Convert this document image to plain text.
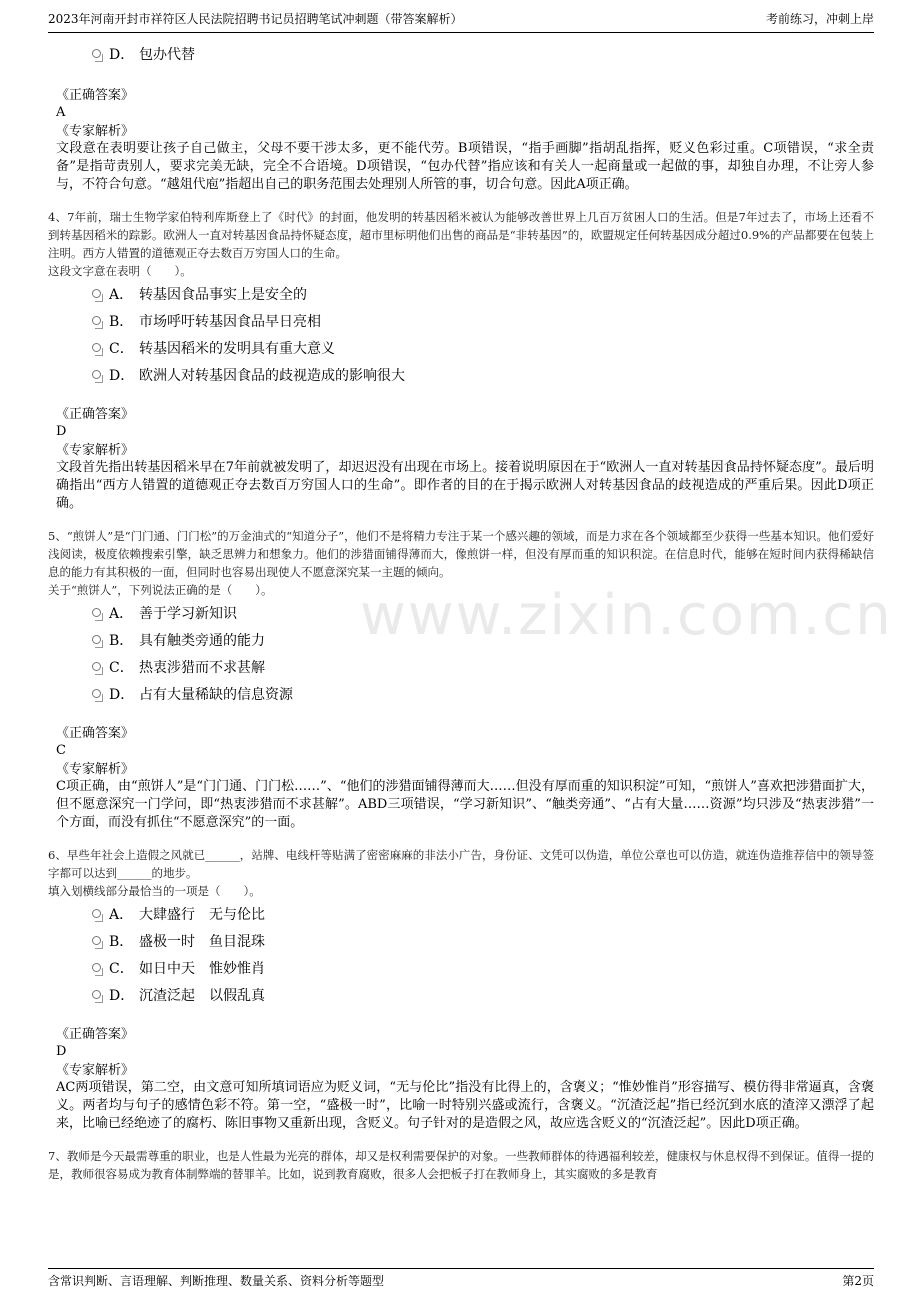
2023年河南开封市祥符区人民法院招聘书记员招聘笔试冲刺题（带答案解析）	考前练习，冲刺上岸
www.zixin.com.cn
D． 包办代替
《正确答案》
A
《专家解析》
文段意在表明要让孩子自己做主，父母不要干涉太多，更不能代劳。B项错误，“指手画脚”指胡乱指挥，贬义色彩过重。C项错误，“求全责备”是指苛责别人，要求完美无缺，完全不合语境。D项错误，“包办代替”指应该和有关人一起商量或一起做的事，却独自办理，不让旁人参与，不符合句意。“越俎代庖”指超出自己的职务范围去处理别人所管的事，切合句意。因此A项正确。
4、7年前，瑞士生物学家伯特利库斯登上了《时代》的封面，他发明的转基因稻米被认为能够改善世界上几百万贫困人口的生活。但是7年过去了，市场上还看不到转基因稻米的踪影。欧洲人一直对转基因食品持怀疑态度，超市里标明他们出售的商品是“非转基因”的，欧盟规定任何转基因成分超过0.9%的产品都要在包装上注明。西方人错置的道德观正夺去数百万穷国人口的生命。
这段文字意在表明（　　）。
A． 转基因食品事实上是安全的
B． 市场呼吁转基因食品早日亮相
C． 转基因稻米的发明具有重大意义
D． 欧洲人对转基因食品的歧视造成的影响很大
《正确答案》
D
《专家解析》
文段首先指出转基因稻米早在7年前就被发明了，却迟迟没有出现在市场上。接着说明原因在于“欧洲人一直对转基因食品持怀疑态度”。最后明确指出“西方人错置的道德观正夺去数百万穷国人口的生命”。即作者的目的在于揭示欧洲人对转基因食品的歧视造成的严重后果。因此D项正确。
5、“煎饼人”是“门门通、门门松”的万金油式的“知道分子”，他们不是将精力专注于某一个感兴趣的领域，而是力求在各个领域都至少获得一些基本知识。他们爱好浅阅读，极度依赖搜索引擎，缺乏思辨力和想象力。他们的涉猎面铺得薄而大，像煎饼一样，但没有厚而重的知识积淀。在信息时代，能够在短时间内获得稀缺信息的能力有其积极的一面，但同时也容易出现使人不愿意深究某一主题的倾向。
关于“煎饼人”，下列说法正确的是（　　）。
A． 善于学习新知识
B． 具有触类旁通的能力
C． 热衷涉猎而不求甚解
D． 占有大量稀缺的信息资源
《正确答案》
C
《专家解析》
C项正确，由“煎饼人”是“门门通、门门松……”、“他们的涉猎面铺得薄而大……但没有厚而重的知识积淀”可知，“煎饼人”喜欢把涉猎面扩大，但不愿意深究一门学问，即“热衷涉猎而不求甚解”。ABD三项错误，“学习新知识”、“触类旁通”、“占有大量……资源”均只涉及“热衷涉猎”一个方面，而没有抓住“不愿意深究”的一面。
6、早些年社会上造假之风就已______，站牌、电线杆等贴满了密密麻麻的非法小广告，身份证、文凭可以伪造，单位公章也可以仿造，就连伪造推荐信中的领导签字都可以达到______的地步。
填入划横线部分最恰当的一项是（　　）。
A． 大肆盛行　无与伦比
B． 盛极一时　鱼目混珠
C． 如日中天　惟妙惟肖
D． 沉渣泛起　以假乱真
《正确答案》
D
《专家解析》
AC两项错误，第二空，由文意可知所填词语应为贬义词，“无与伦比”指没有比得上的，含褒义；“惟妙惟肖”形容描写、模仿得非常逼真，含褒义。两者均与句子的感情色彩不符。第一空，“盛极一时”，比喻一时特别兴盛或流行，含褒义。“沉渣泛起”指已经沉到水底的渣滓又漂浮了起来，比喻已经绝迹了的腐朽、陈旧事物又重新出现，含贬义。句子针对的是造假之风，故应选含贬义的“沉渣泛起”。因此D项正确。
7、教师是今天最需尊重的职业，也是人性最为光亮的群体，却又是权利需要保护的对象。一些教师群体的待遇福利较差，健康权与休息权得不到保证。值得一提的是，教师很容易成为教育体制弊端的替罪羊。比如，说到教育腐败，很多人会把板子打在教师身上，其实腐败的多是教育
含常识判断、言语理解、判断推理、数量关系、资料分析等题型	第2页
